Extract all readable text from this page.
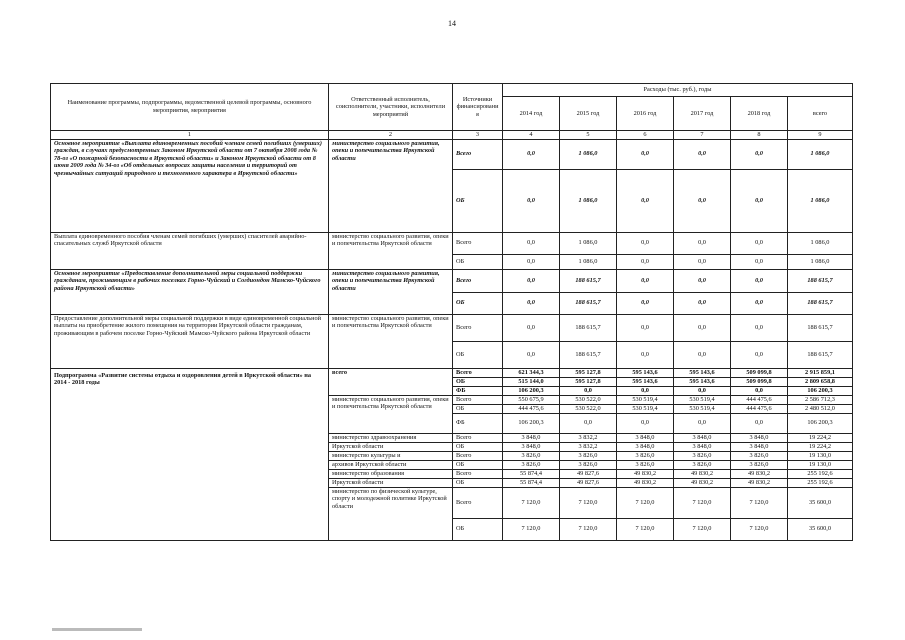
14
Наименование программы, подпрограммы, ведомственной целевой программы, основного мероприятия, мероприятия	Ответственный исполнитель, соисполнители, участники, исполнители мероприятий	Источники финансировани я	Расходы (тыс. руб.), годы					
			2014 год	2015 год	2016 год	2017 год	2018 год	всего
1	2	3	4	5	6	7	8	9
Основное мероприятие «Выплата единовременных пособий членам семей погибших (умерших) граждан, в случаях предусмотренных Законом Иркутской области от 7 октября 2008 года № 78-оз «О пожарной безопасности в Иркутской области» и Законом Иркутской области от 8 июня 2009 года № 34-оз «Об отдельных вопросах защиты населения и территорий от чрезвычайных ситуаций природного и техногенного характера в Иркутской области»	министерство социального развития, опеки и попечительства Иркутской области	Всего	0,0	1 086,0	0,0	0,0	0,0	1 086,0
		ОБ	0,0	1 086,0	0,0	0,0	0,0	1 086,0
Выплата единовременного пособия членам семей погибших (умерших) спасителей аварийно-спасательных служб Иркутской области	министерство социального развития, опеки и попечительства Иркутской области	Всего	0,0	1 086,0	0,0	0,0	0,0	1 086,0
		ОБ	0,0	1 086,0	0,0	0,0	0,0	1 086,0
Основное мероприятие «Предоставление дополнительной меры социальной поддержки гражданам, проживающим в рабочих поселках Горно-Чуйский и Согдиондон Мамско-Чуйского района Иркутской области»	министерство социального развития, опеки и попечительства Иркутской области	Всего	0,0	188 615,7	0,0	0,0	0,0	188 615,7
		ОБ	0,0	188 615,7	0,0	0,0	0,0	188 615,7
Предоставление дополнительной меры социальной поддержки в виде единовременной социальной выплаты на приобретение жилого помещения на территории Иркутской области гражданам, проживающим в рабочем поселке Горно-Чуйский Мамско-Чуйского района Иркутской области	министерство социального развития, опеки и попечительства Иркутской области	Всего	0,0	188 615,7	0,0	0,0	0,0	188 615,7
		ОБ	0,0	188 615,7	0,0	0,0	0,0	188 615,7
Подпрограмма «Развитие системы отдыха и оздоровления детей в Иркутской области» на 2014 - 2018 годы	всего	Всего	621 344,3	595 127,8	595 143,6	595 143,6	509 099,8	2 915 859,1
		ОБ	515 144,0	595 127,8	595 143,6	595 143,6	509 099,8	2 809 658,8
		ФБ	106 200,3	0,0	0,0	0,0	0,0	106 200,3
	министерство социального развития, опеки и попечительства Иркутской области	Всего	550 675,9	530 522,0	530 519,4	530 519,4	444 475,6	2 586 712,3
		ОБ	444 475,6	530 522,0	530 519,4	530 519,4	444 475,6	2 480 512,0
		ФБ	106 200,3	0,0	0,0	0,0	0,0	106 200,3
	министерство здравоохранения	Всего	3 848,0	3 832,2	3 848,0	3 848,0	3 848,0	19 224,2
	Иркутской области	ОБ	3 848,0	3 832,2	3 848,0	3 848,0	3 848,0	19 224,2
	министерство культуры и	Всего	3 826,0	3 826,0	3 826,0	3 826,0	3 826,0	19 130,0
	архивов Иркутской области	ОБ	3 826,0	3 826,0	3 826,0	3 826,0	3 826,0	19 130,0
	министерство образования	Всего	55 874,4	49 827,6	49 830,2	49 830,2	49 830,2	255 192,6
	Иркутской области	ОБ	55 874,4	49 827,6	49 830,2	49 830,2	49 830,2	255 192,6
	министерство по физической культуре, спорту и молодежной политике Иркутской области	Всего	7 120,0	7 120,0	7 120,0	7 120,0	7 120,0	35 600,0
		ОБ	7 120,0	7 120,0	7 120,0	7 120,0	7 120,0	35 600,0
